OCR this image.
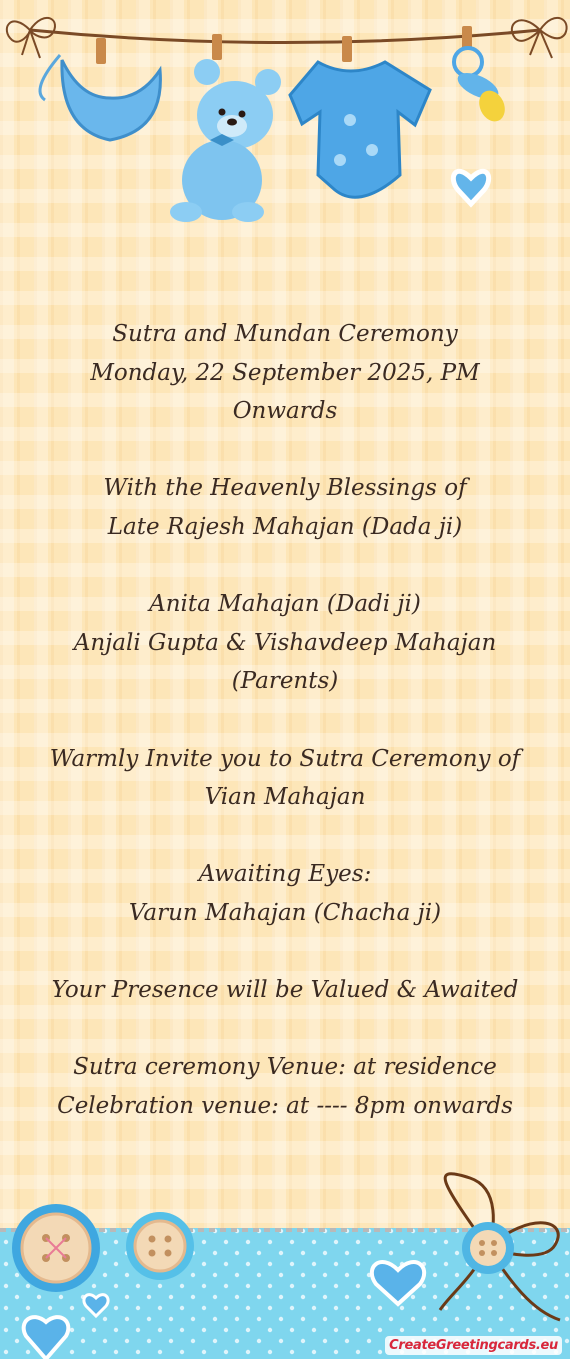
Sutra and Mundan Ceremony
Monday, 22 September 2025, PM
Onwards
With the Heavenly Blessings of
Late Rajesh Mahajan (Dada ji)
Anita Mahajan (Dadi ji)
Anjali Gupta & Vishavdeep Mahajan
(Parents)
Warmly Invite you to Sutra Ceremony of
Vian Mahajan
Awaiting Eyes:
Varun Mahajan (Chacha ji)
Your Presence will be Valued & Awaited
Sutra ceremony Venue: at residence
Celebration venue: at ---- 8pm onwards
CreateGreetingcards.eu
